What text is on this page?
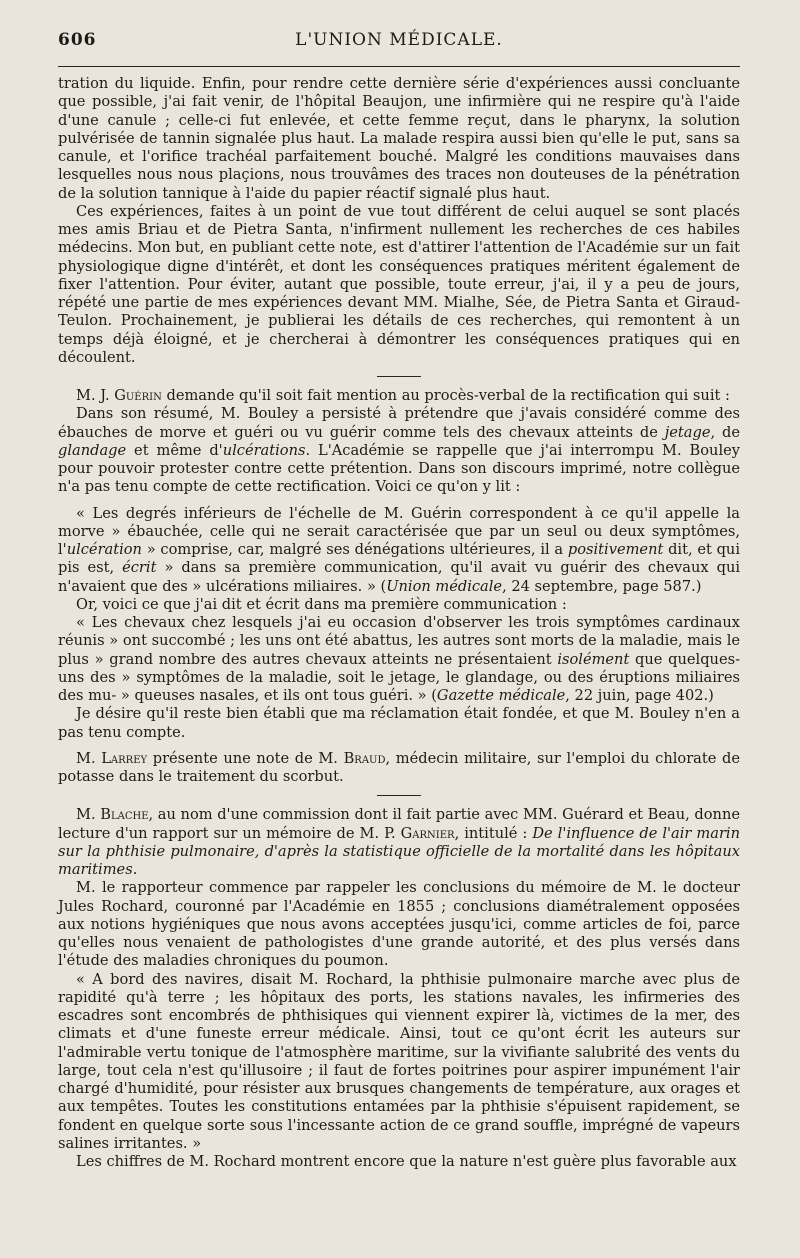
606	L'UNION MÉDICALE.

tration du liquide. Enfin, pour rendre cette dernière série d'expériences aussi concluante que possible, j'ai fait venir, de l'hôpital Beaujon, une infirmière qui ne respire qu'à l'aide d'une canule ; celle-ci fut enlevée, et cette femme reçut, dans le pharynx, la solution pulvérisée de tannin signalée plus haut. La malade respira aussi bien qu'elle le put, sans sa canule, et l'orifice trachéal parfaitement bouché. Malgré les conditions mauvaises dans lesquelles nous nous plaçions, nous trouvâmes des traces non douteuses de la pénétration de la solution tannique à l'aide du papier réactif signalé plus haut.

Ces expériences, faites à un point de vue tout différent de celui auquel se sont placés mes amis Briau et de Pietra Santa, n'infirment nullement les recherches de ces habiles médecins. Mon but, en publiant cette note, est d'attirer l'attention de l'Académie sur un fait physiologique digne d'intérêt, et dont les conséquences pratiques méritent également de fixer l'attention. Pour éviter, autant que possible, toute erreur, j'ai, il y a peu de jours, répété une partie de mes expériences devant MM. Mialhe, Sée, de Pietra Santa et Giraud-Teulon. Prochainement, je publierai les détails de ces recherches, qui remontent à un temps déjà éloigné, et je chercherai à démontrer les conséquences pratiques qui en découlent.

M. J. Guérin demande qu'il soit fait mention au procès-verbal de la rectification qui suit :

Dans son résumé, M. Bouley a persisté à prétendre que j'avais considéré comme des ébauches de morve et guéri ou vu guérir comme tels des chevaux atteints de jetage, de glandage et même d'ulcérations. L'Académie se rappelle que j'ai interrompu M. Bouley pour pouvoir protester contre cette prétention. Dans son discours imprimé, notre collègue n'a pas tenu compte de cette rectification. Voici ce qu'on y lit :

« Les degrés inférieurs de l'échelle de M. Guérin correspondent à ce qu'il appelle la morve » ébauchée, celle qui ne serait caractérisée que par un seul ou deux symptômes, l'ulcération » comprise, car, malgré ses dénégations ultérieures, il a positivement dit, et qui pis est, écrit » dans sa première communication, qu'il avait vu guérir des chevaux qui n'avaient que des » ulcérations miliaires. » (Union médicale, 24 septembre, page 587.)

Or, voici ce que j'ai dit et écrit dans ma première communication :

« Les chevaux chez lesquels j'ai eu occasion d'observer les trois symptômes cardinaux réunis » ont succombé ; les uns ont été abattus, les autres sont morts de la maladie, mais le plus » grand nombre des autres chevaux atteints ne présentaient isolément que quelques-uns des » symptômes de la maladie, soit le jetage, le glandage, ou des éruptions miliaires des mu- » queuses nasales, et ils ont tous guéri. » (Gazette médicale, 22 juin, page 402.)

Je désire qu'il reste bien établi que ma réclamation était fondée, et que M. Bouley n'en a pas tenu compte.

M. Larrey présente une note de M. Braud, médecin militaire, sur l'emploi du chlorate de potasse dans le traitement du scorbut.

M. Blache, au nom d'une commission dont il fait partie avec MM. Guérard et Beau, donne lecture d'un rapport sur un mémoire de M. P. Garnier, intitulé : De l'influence de l'air marin sur la phthisie pulmonaire, d'après la statistique officielle de la mortalité dans les hôpitaux maritimes.

M. le rapporteur commence par rappeler les conclusions du mémoire de M. le docteur Jules Rochard, couronné par l'Académie en 1855 ; conclusions diamétralement opposées aux notions hygiéniques que nous avons acceptées jusqu'ici, comme articles de foi, parce qu'elles nous venaient de pathologistes d'une grande autorité, et des plus versés dans l'étude des maladies chroniques du poumon.

« A bord des navires, disait M. Rochard, la phthisie pulmonaire marche avec plus de rapidité qu'à terre ; les hôpitaux des ports, les stations navales, les infirmeries des escadres sont encombrés de phthisiques qui viennent expirer là, victimes de la mer, des climats et d'une funeste erreur médicale. Ainsi, tout ce qu'ont écrit les auteurs sur l'admirable vertu tonique de l'atmosphère maritime, sur la vivifiante salubrité des vents du large, tout cela n'est qu'illusoire ; il faut de fortes poitrines pour aspirer impunément l'air chargé d'humidité, pour résister aux brusques changements de température, aux orages et aux tempêtes. Toutes les constitutions entamées par la phthisie s'épuisent rapidement, se fondent en quelque sorte sous l'incessante action de ce grand souffle, imprégné de vapeurs salines irritantes. »

Les chiffres de M. Rochard montrent encore que la nature n'est guère plus favorable aux
